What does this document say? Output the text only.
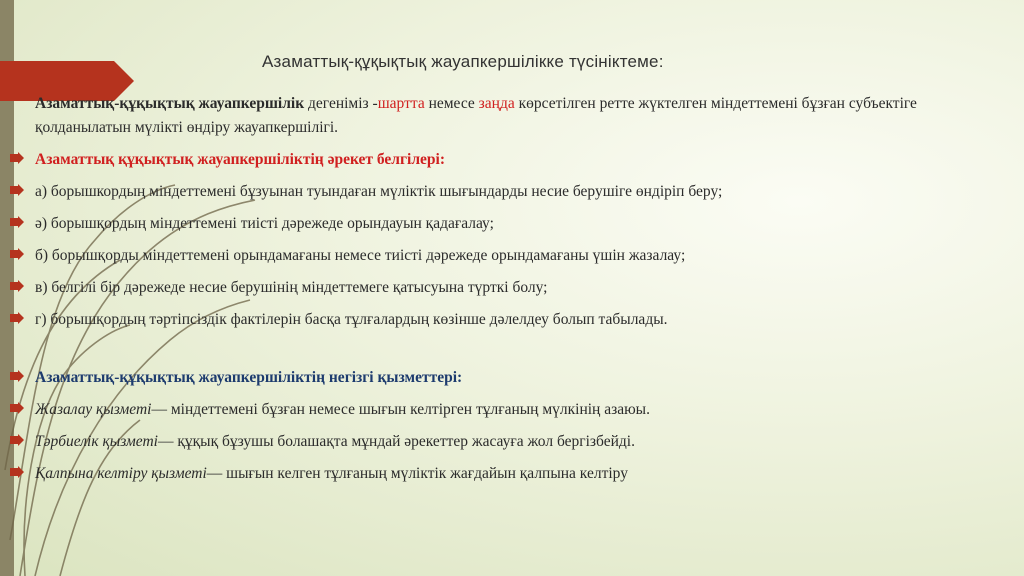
Азаматтық-құқықтық жауапкершілікке түсініктеме:
Азаматтық-құқықтық жауапкершілік дегеніміз -шартта немесе заңда көрсетілген ретте жүктелген міндеттемені бұзған субъектіге қолданылатын мүлікті өндіру жауапкершілігі.
Азаматтық құқықтық жауапкершіліктің әрекет белгілері:
а) борышкордың міндеттемені бұзуынан туындаған мүліктік шығындарды несие берушіге өндіріп беру;
ә) борышқордың міндеттемені тиісті дәрежеде орындауын қадағалау;
б) борышқорды міндеттемені орындамағаны немесе тиісті дәрежеде орындамағаны үшін жазалау;
в) белгілі бір дәрежеде несие берушінің міндеттемеге қатысуына түрткі болу;
г) борышқордың тәртіпсіздік фактілерін басқа тұлғалардың көзінше дәлелдеу болып табылады.
Азаматтық-құқықтық жауапкершіліктің негізгі қызметтері:
Жазалау қызметі— міндеттемені бұзған немесе шығын келтірген тұлғаның мүлкінің азаюы.
Тәрбиелік қызметі— құқық бұзушы болашақта мұндай әрекеттер жасауға жол бергізбейді.
Қалпына келтіру қызметі— шығын келген тұлғаның мүліктік жағдайын қалпына келтіру
